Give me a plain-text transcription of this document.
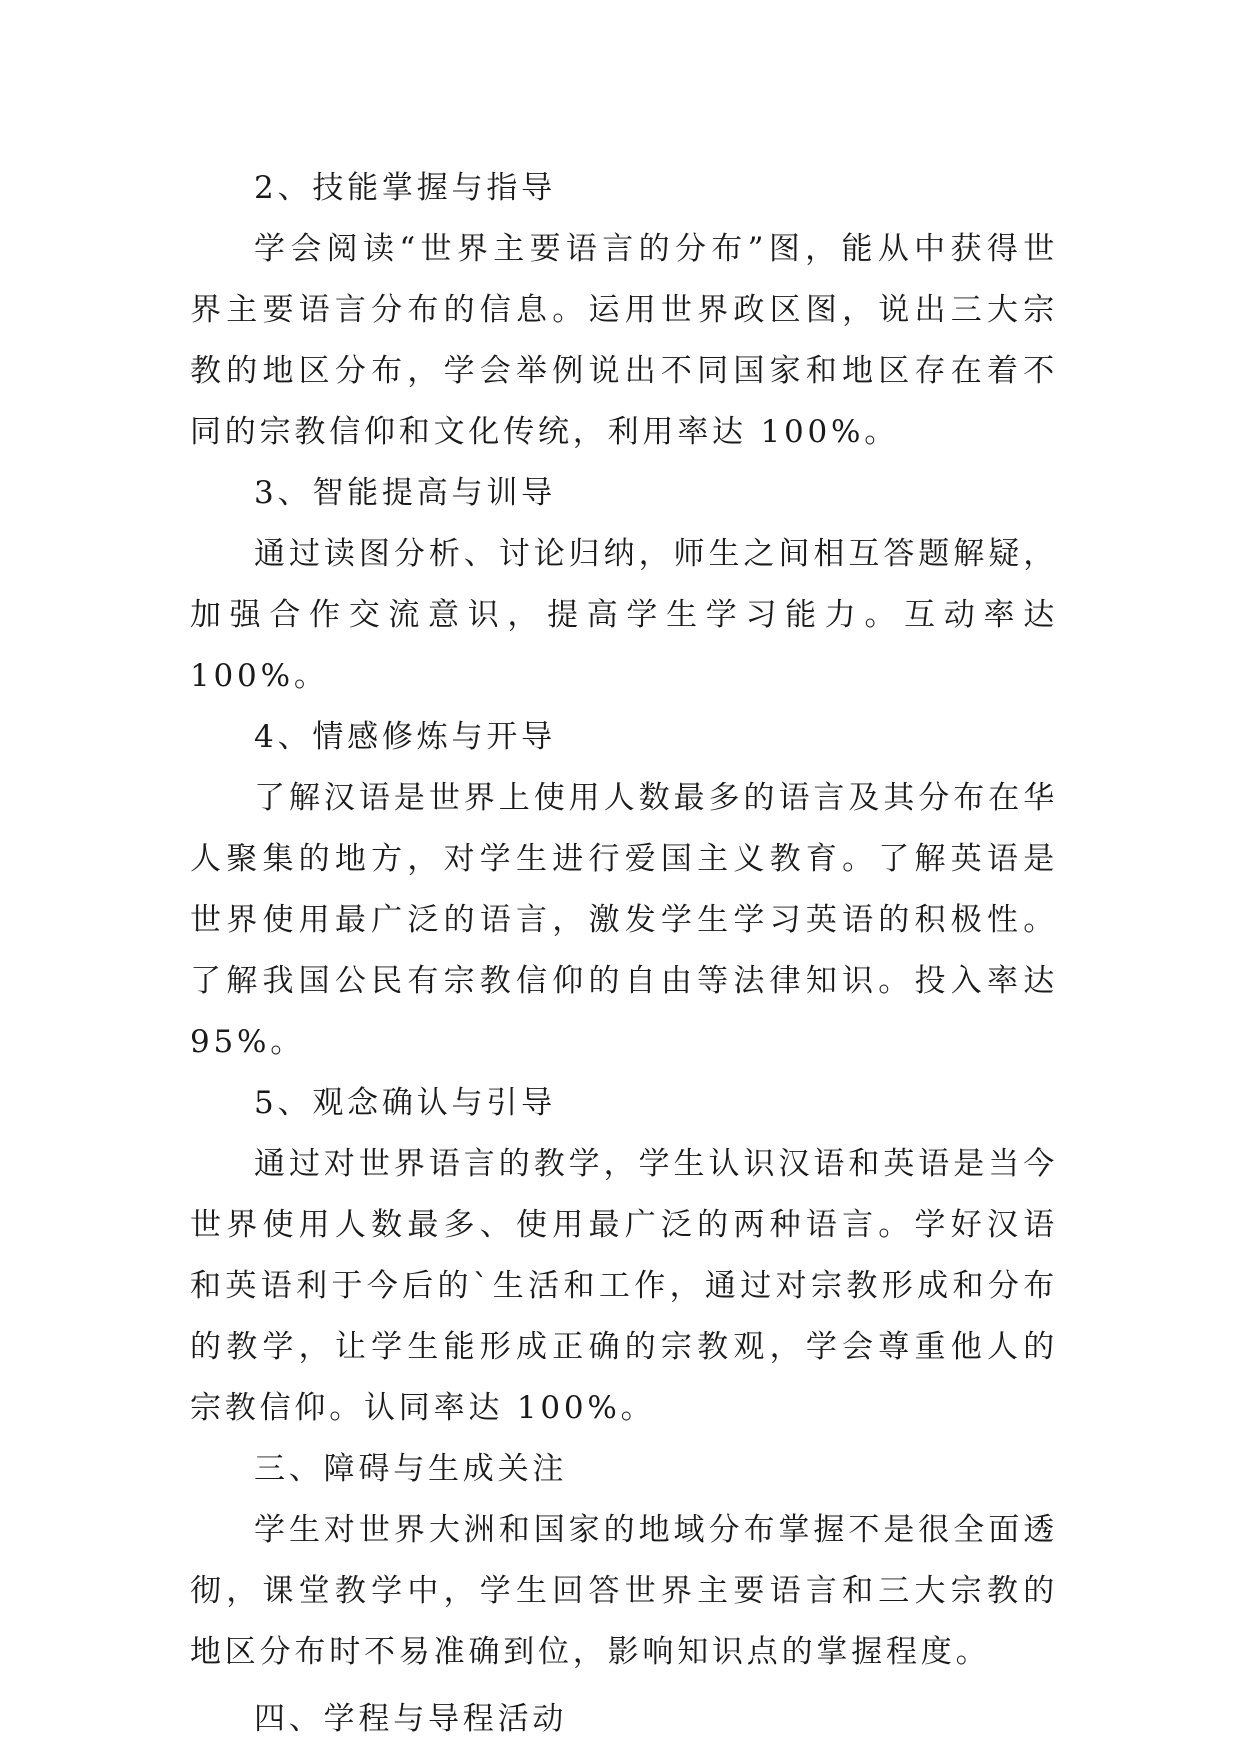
2、技能掌握与指导

学会阅读“世界主要语言的分布”图，能从中获得世界主要语言分布的信息。运用世界政区图，说出三大宗教的地区分布，学会举例说出不同国家和地区存在着不同的宗教信仰和文化传统，利用率达 100%。

3、智能提高与训导

通过读图分析、讨论归纳，师生之间相互答题解疑，加强合作交流意识，提高学生学习能力。互动率达 100%。

4、情感修炼与开导

了解汉语是世界上使用人数最多的语言及其分布在华人聚集的地方，对学生进行爱国主义教育。了解英语是世界使用最广泛的语言，激发学生学习英语的积极性。了解我国公民有宗教信仰的自由等法律知识。投入率达 95%。

5、观念确认与引导

通过对世界语言的教学，学生认识汉语和英语是当今世界使用人数最多、使用最广泛的两种语言。学好汉语和英语利于今后的`生活和工作，通过对宗教形成和分布的教学，让学生能形成正确的宗教观，学会尊重他人的宗教信仰。认同率达 100%。

三、障碍与生成关注

学生对世界大洲和国家的地域分布掌握不是很全面透彻，课堂教学中，学生回答世界主要语言和三大宗教的地区分布时不易准确到位，影响知识点的掌握程度。

四、学程与导程活动
